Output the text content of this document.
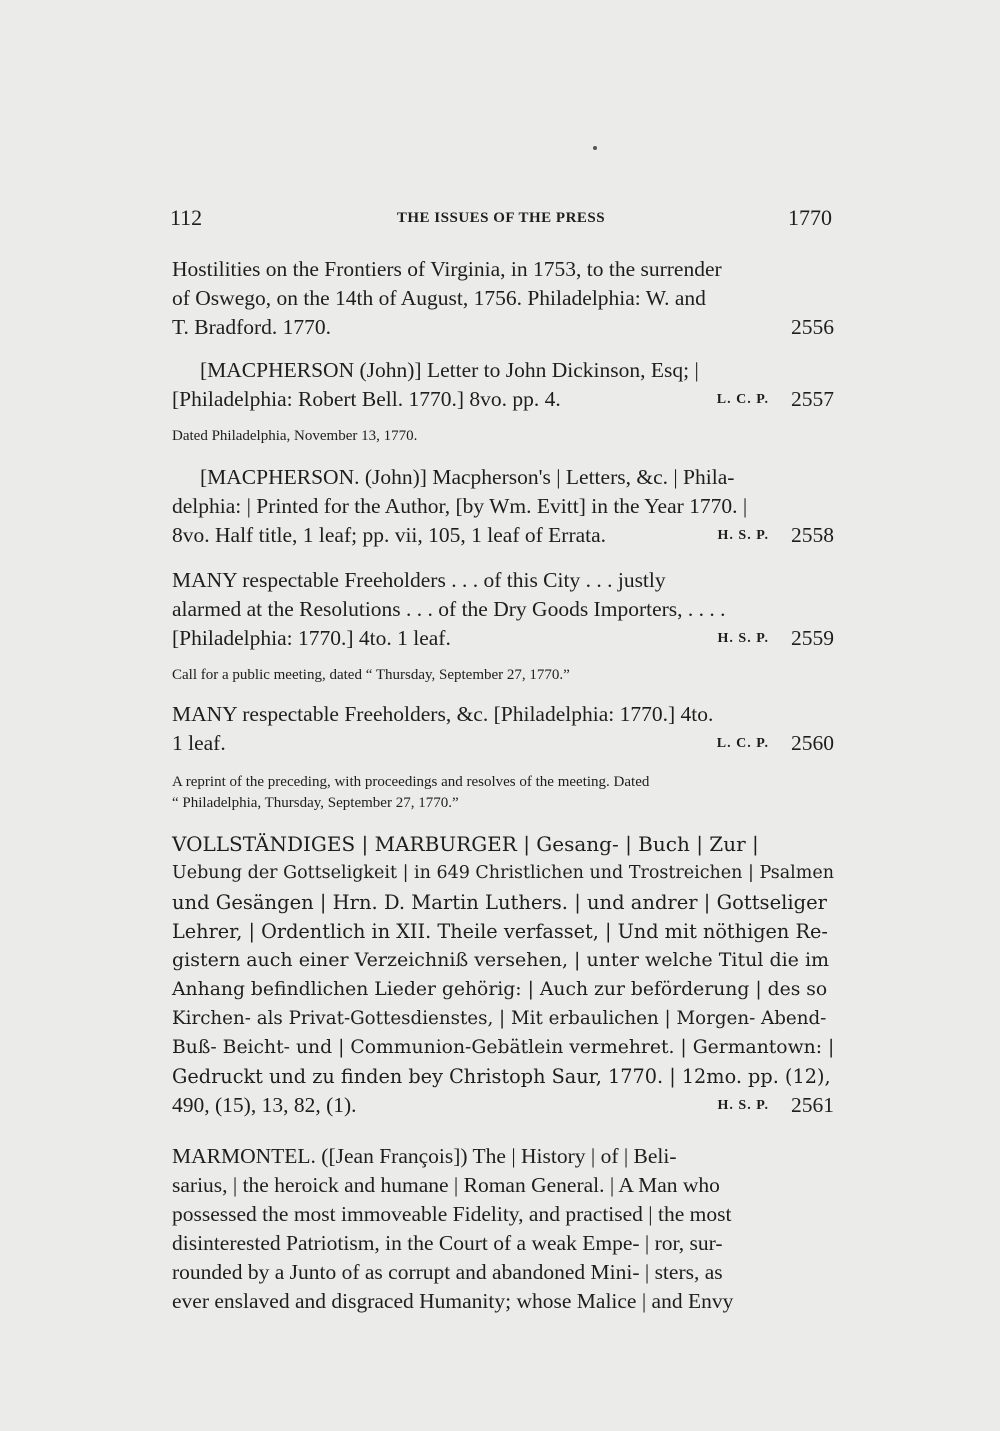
112	THE ISSUES OF THE PRESS	1770
Hostilities on the Frontiers of Virginia, in 1753, to the surrender
of Oswego, on the 14th of August, 1756. Philadelphia: W. and
T. Bradford. 1770.	2556
[MACPHERSON (John)] Letter to John Dickinson, Esq; |
[Philadelphia: Robert Bell. 1770.] 8vo. pp. 4.	L. C. P. 2557
Dated Philadelphia, November 13, 1770.
[MACPHERSON. (John)] Macpherson's | Letters, &c. | Phila-
delphia: | Printed for the Author, [by Wm. Evitt] in the Year 1770. |
8vo. Half title, 1 leaf; pp. vii, 105, 1 leaf of Errata.	H. S. P. 2558
MANY respectable Freeholders . . . of this City . . . justly
alarmed at the Resolutions . . . of the Dry Goods Importers, . . . .
[Philadelphia: 1770.] 4to. 1 leaf.	H. S. P. 2559
Call for a public meeting, dated “ Thursday, September 27, 1770.”
MANY respectable Freeholders, &c. [Philadelphia: 1770.] 4to.
1 leaf.	L. C. P. 2560
A reprint of the preceding, with proceedings and resolves of the meeting. Dated
“ Philadelphia, Thursday, September 27, 1770.”
VOLLSTÄNDIGES | MARBURGER | Gesang- | Buch | Zur |
Uebung der Gottseligkeit | in 649 Christlichen und Trostreichen | Psalmen
und Gesängen | Hrn. D. Martin Luthers. | und andrer | Gottseliger
Lehrer, | Ordentlich in XII. Theile verfasset, | Und mit nöthigen Re-
gistern auch einer Verzeichniß versehen, | unter welche Titul die im
Anhang befindlichen Lieder gehörig: | Auch zur beförderung | des so
Kirchen- als Privat-Gottesdienstes, | Mit erbaulichen | Morgen- Abend-
Buß- Beicht- und | Communion-Gebätlein vermehret. | Germantown: |
Gedruckt und zu finden bey Christoph Saur, 1770. | 12mo. pp. (12),
490, (15), 13, 82, (1).	H. S. P. 2561
MARMONTEL. ([Jean François]) The | History | of | Beli-
sarius, | the heroick and humane | Roman General. | A Man who
possessed the most immoveable Fidelity, and practised | the most
disinterested Patriotism, in the Court of a weak Empe- | ror, sur-
rounded by a Junto of as corrupt and abandoned Mini- | sters, as
ever enslaved and disgraced Humanity; whose Malice | and Envy
